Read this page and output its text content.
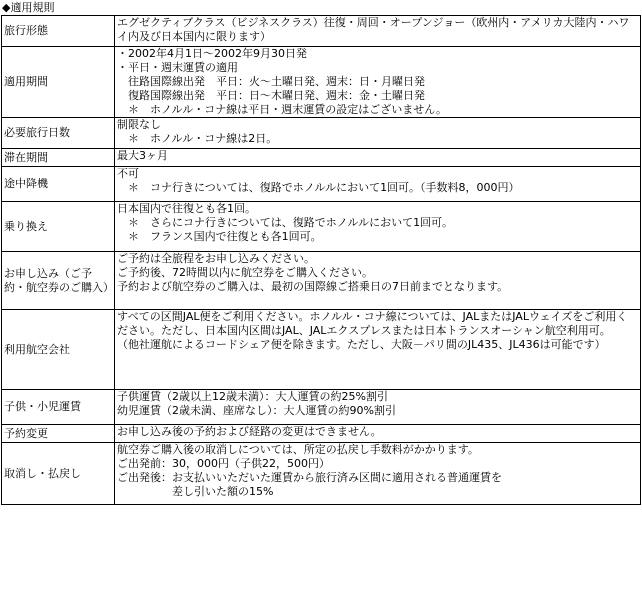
◆適用規則
旅行形態	エグゼクティブクラス（ビジネスクラス）往復・周回・オープンジョー（欧州内・アメリカ大陸内・ハワイ内及び日本国内に限ります）

適用期間	・2002年4月1日～2002年9月30日発
・平日・週末運賃の適用
　往路国際線出発　平日：火～土曜日発、週末：日・月曜日発
　復路国際線出発　平日：日～木曜日発、週末：金・土曜日発
　＊　ホノルル・コナ線は平日・週末運賃の設定はございません。

必要旅行日数	制限なし
　＊　ホノルル・コナ線は2日。

滞在期間	最大3ヶ月

途中降機	不可
　＊　コナ行きについては、復路でホノルルにおいて1回可。（手数料8，000円）

乗り換え	日本国内で往復とも各1回。
　＊　さらにコナ行きについては、復路でホノルルにおいて1回可。
　＊　フランス国内で往復とも各1回可。

お申し込み（ご予約・航空券のご購入）	ご予約は全旅程をお申し込みください。
ご予約後、72時間以内に航空券をご購入ください。
予約および航空券のご購入は、最初の国際線ご搭乗日の7日前までとなります。

利用航空会社	すべての区間JAL便をご利用ください。ホノルル・コナ線については、JALまたはJALウェイズをご利用ください。ただし、日本国内区間はJAL、JALエクスプレスまたは日本トランスオーシャン航空利用可。
（他社運航によるコードシェア便を除きます。ただし、大阪－パリ間のJL435、JL436は可能です）

子供・小児運賃	子供運賃（2歳以上12歳未満）：大人運賃の約25%割引
幼児運賃（2歳未満、座席なし）：大人運賃の約90%割引

予約変更	お申し込み後の予約および経路の変更はできません。

取消し・払戻し	航空券ご購入後の取消しについては、所定の払戻し手数料がかかります。
ご出発前：30，000円（子供22，500円）
ご出発後：お支払いいただいた運賃から旅行済み区間に適用される普通運賃を
　　　　　差し引いた額の15%
